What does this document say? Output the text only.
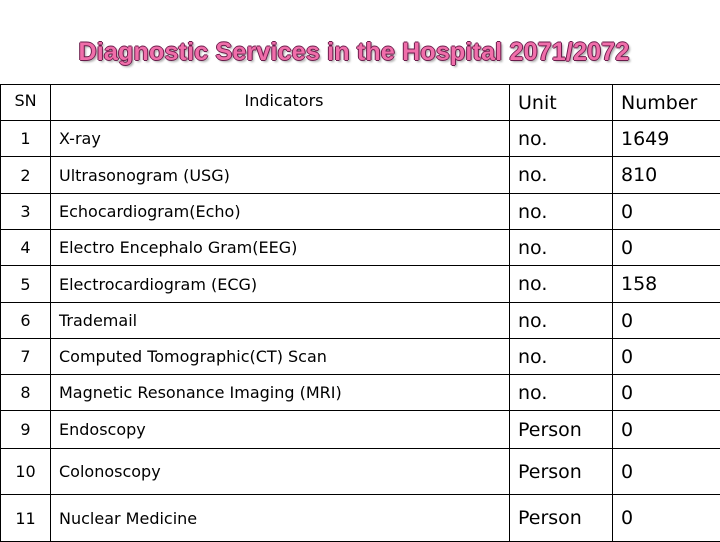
Diagnostic Services in the Hospital 2071/2072
SN	Indicators	Unit	Number
1	X-ray	no.	1649
2	Ultrasonogram (USG)	no.	810
3	Echocardiogram(Echo)	no.	0
4	Electro Encephalo Gram(EEG)	no.	0
5	Electrocardiogram (ECG)	no.	158
6	Trademail	no.	0
7	Computed Tomographic(CT) Scan	no.	0
8	Magnetic Resonance Imaging (MRI)	no.	0
9	Endoscopy	Person	0
10	Colonoscopy	Person	0
11	Nuclear Medicine	Person	0
